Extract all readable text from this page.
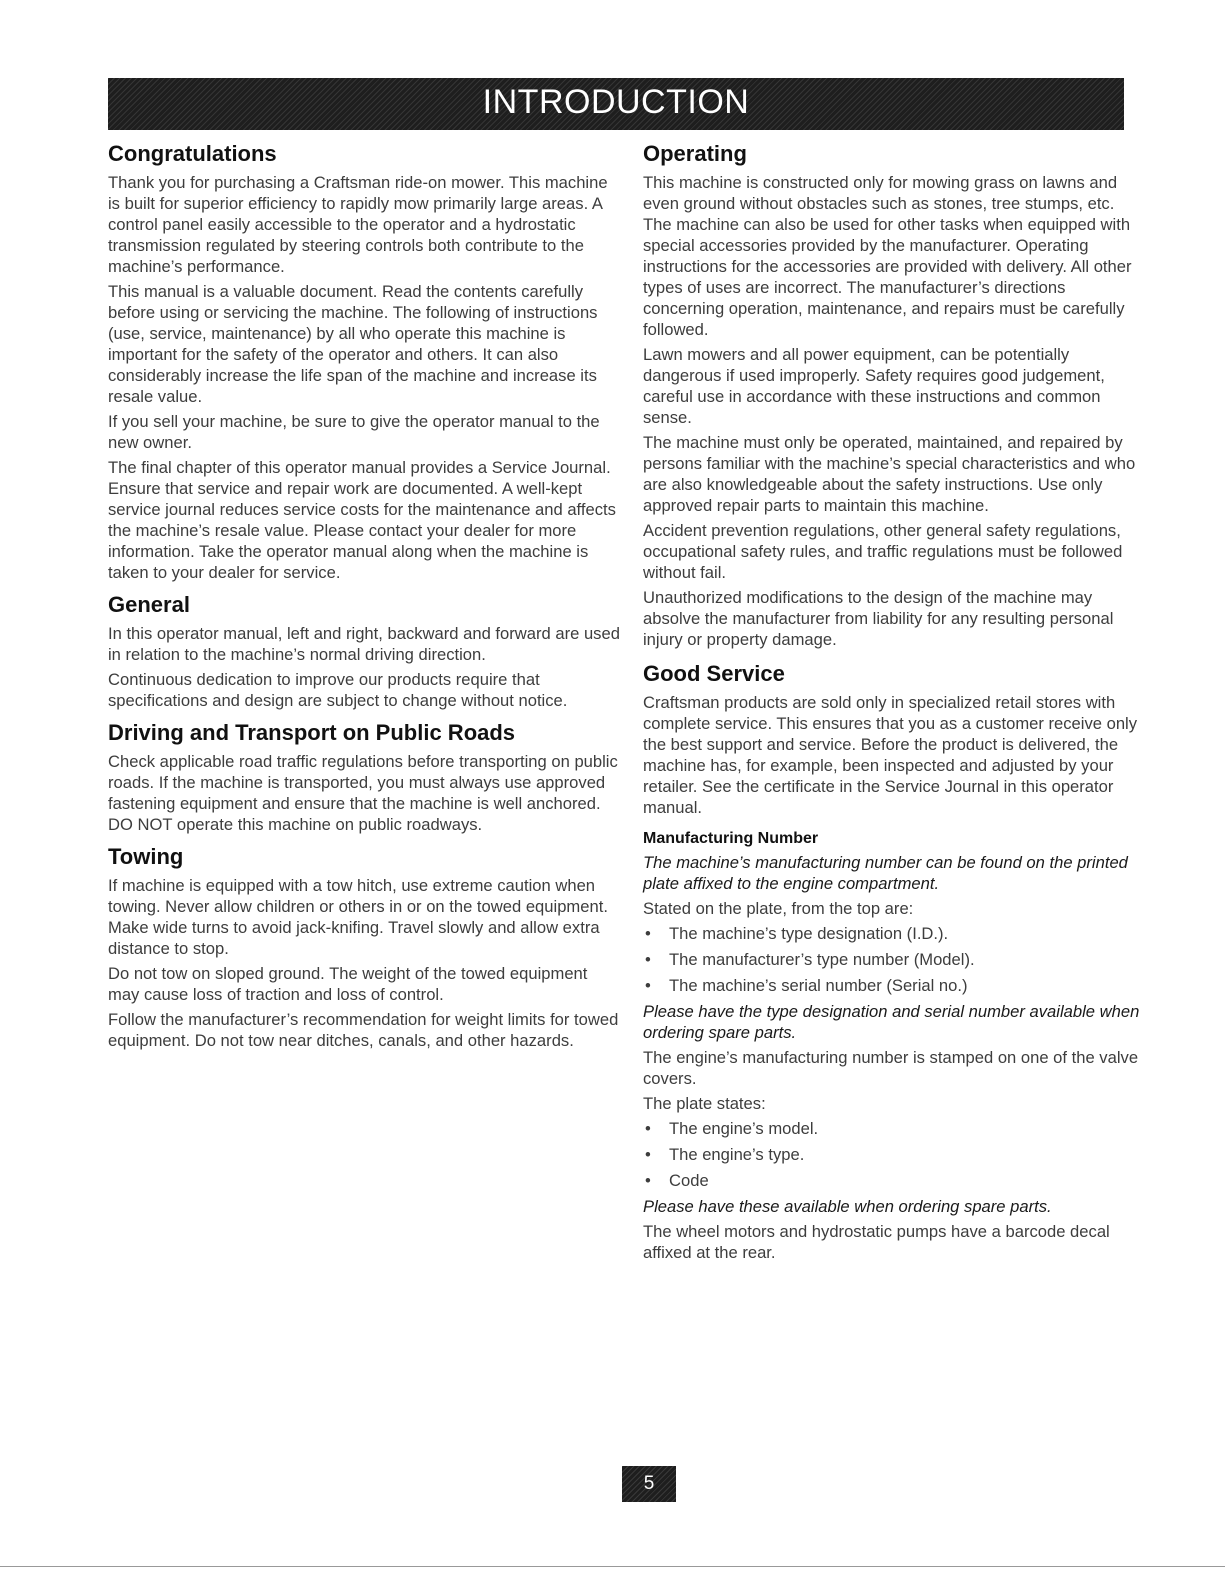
INTRODUCTION
Congratulations

Thank you for purchasing a Craftsman ride-on mower. This machine is built for superior efficiency to rapidly mow primarily large areas. A control panel easily accessible to the operator and a hydrostatic transmission regulated by steering controls both contribute to the machine’s performance.

This manual is a valuable document. Read the contents carefully before using or servicing the machine. The following of instructions (use, service, maintenance) by all who operate this machine is important for the safety of the operator and others. It can also considerably increase the life span of the machine and increase its resale value.

If you sell your machine, be sure to give the operator manual to the new owner.

The final chapter of this operator manual provides a Service Journal. Ensure that service and repair work are documented. A well-kept service journal reduces service costs for the maintenance and affects the machine’s resale value. Please contact your dealer for more information. Take the operator manual along when the machine is taken to your dealer for service.

General

In this operator manual, left and right, backward and forward are used in relation to the machine’s normal driving direction.

Continuous dedication to improve our products require that specifications and design are subject to change without notice.

Driving and Transport on Public Roads

Check applicable road traffic regulations before transporting on public roads. If the machine is transported, you must always use approved fastening equipment and ensure that the machine is well anchored. DO NOT operate this machine on public roadways.

Towing

If machine is equipped with a tow hitch, use extreme caution when towing. Never allow children or others in or on the towed equipment. Make wide turns to avoid jack-knifing. Travel slowly and allow extra distance to stop.

Do not tow on sloped ground. The weight of the towed equipment may cause loss of traction and loss of control.

Follow the manufacturer’s recommendation for weight limits for towed equipment. Do not tow near ditches, canals, and other hazards.

Operating

This machine is constructed only for mowing grass on lawns and even ground without obstacles such as stones, tree stumps, etc. The machine can also be used for other tasks when equipped with special accessories provided by the manufacturer. Operating instructions for the accessories are provided with delivery. All other types of uses are incorrect. The manufacturer’s directions concerning operation, maintenance, and repairs must be carefully followed.

Lawn mowers and all power equipment, can be potentially dangerous if used improperly. Safety requires good judgement, careful use in accordance with these instructions and common sense.

The machine must only be operated, maintained, and repaired by persons familiar with the machine’s special characteristics and who are also knowledgeable about the safety instructions. Use only approved repair parts to maintain this machine.

Accident prevention regulations, other general safety regulations, occupational safety rules, and traffic regulations must be followed without fail.

Unauthorized modifications to the design of the machine may absolve the manufacturer from liability for any resulting personal injury or property damage.

Good Service

Craftsman products are sold only in specialized retail stores with complete service. This ensures that you as a customer receive only the best support and service. Before the product is delivered, the machine has, for example, been inspected and adjusted by your retailer. See the certificate in the Service Journal in this operator manual.

Manufacturing Number

The machine’s manufacturing number can be found on the printed plate affixed to the engine compartment.

Stated on the plate, from the top are:

• The machine’s type designation (I.D.).
• The manufacturer’s type number (Model).
• The machine’s serial number (Serial no.)

Please have the type designation and serial number available when ordering spare parts.

The engine’s manufacturing number is stamped on one of the valve covers.

The plate states:

• The engine’s model.
• The engine’s type.
• Code

Please have these available when ordering spare parts.

The wheel motors and hydrostatic pumps have a barcode decal affixed at the rear.

5
